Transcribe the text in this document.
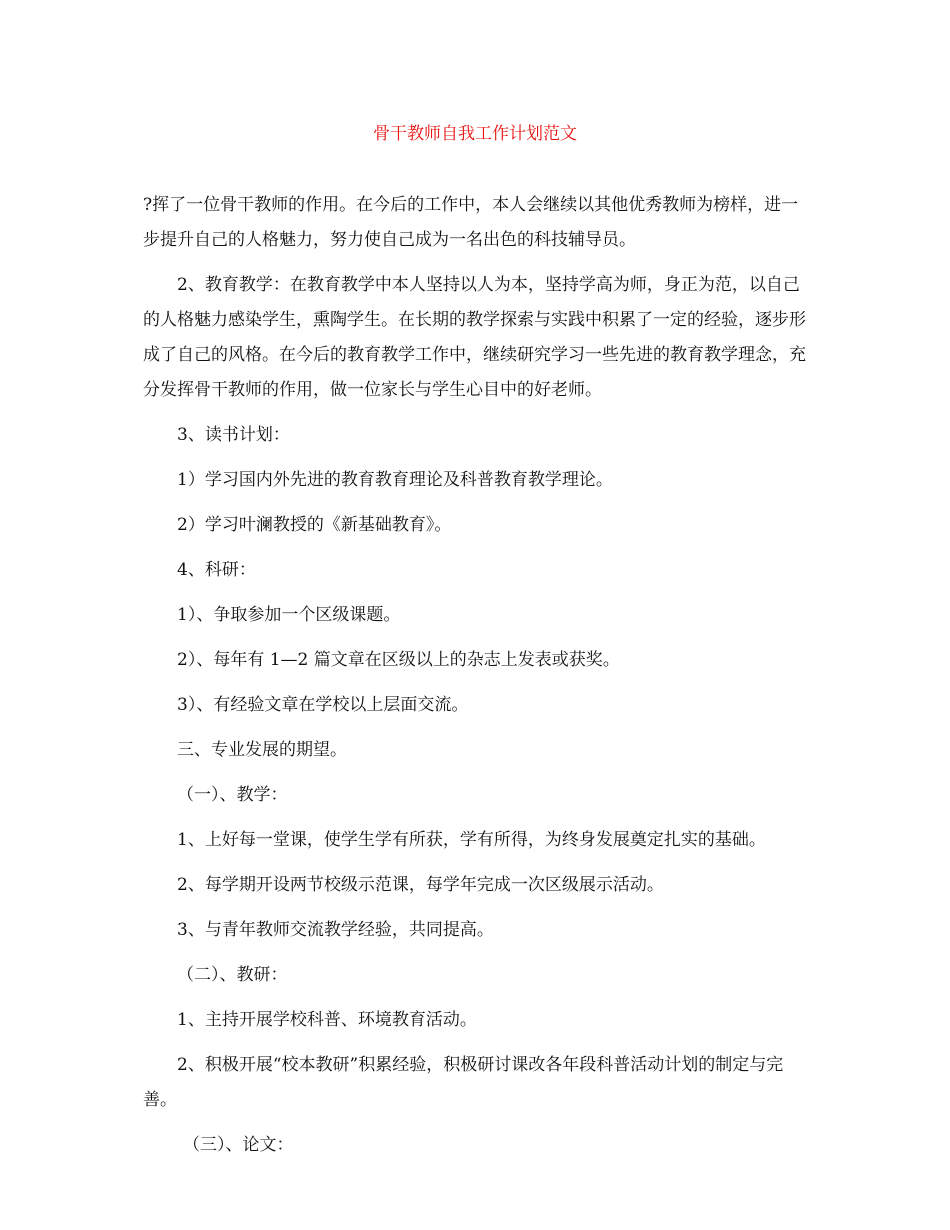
骨干教师自我工作计划范文

?挥了一位骨干教师的作用。在今后的工作中，本人会继续以其他优秀教师为榜样，进一步提升自己的人格魅力，努力使自己成为一名出色的科技辅导员。

2、教育教学：在教育教学中本人坚持以人为本，坚持学高为师，身正为范，以自己的人格魅力感染学生，熏陶学生。在长期的教学探索与实践中积累了一定的经验，逐步形成了自己的风格。在今后的教育教学工作中，继续研究学习一些先进的教育教学理念，充分发挥骨干教师的作用，做一位家长与学生心目中的好老师。

3、读书计划：

1）学习国内外先进的教育教育理论及科普教育教学理论。

2）学习叶澜教授的《新基础教育》。

4、科研：

1）、争取参加一个区级课题。

2）、每年有 1—2 篇文章在区级以上的杂志上发表或获奖。

3）、有经验文章在学校以上层面交流。

三、专业发展的期望。

（一）、教学：

1、上好每一堂课，使学生学有所获，学有所得，为终身发展奠定扎实的基础。

2、每学期开设两节校级示范课，每学年完成一次区级展示活动。

3、与青年教师交流教学经验，共同提高。

（二）、教研：

1、主持开展学校科普、环境教育活动。

2、积极开展“校本教研”积累经验，积极研讨课改各年段科普活动计划的制定与完善。

（三）、论文：
